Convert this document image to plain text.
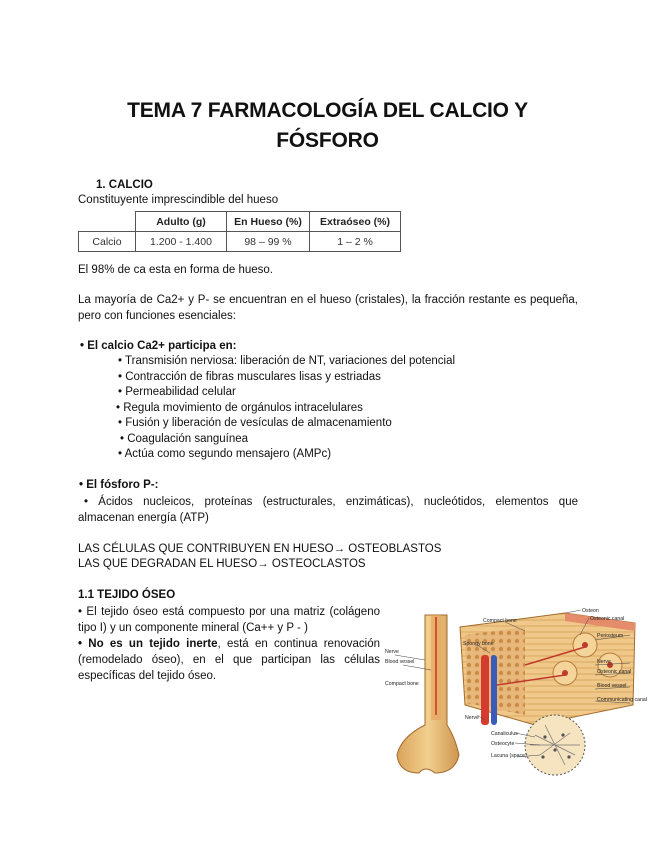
TEMA 7 FARMACOLOGÍA DEL CALCIO Y
FÓSFORO
1. CALCIO
Constituyente imprescindible del hueso
	Adulto (g)	En Hueso (%)	Extraóseo (%)
Calcio	1.200 - 1.400	98 – 99 %	1 – 2 %
El 98% de ca esta en forma de hueso.
La mayoría de Ca2+ y P- se encuentran en el hueso (cristales), la fracción restante es pequeña, pero con funciones esenciales:
• El calcio Ca2+ participa en:
• Transmisión nerviosa: liberación de NT, variaciones del potencial
• Contracción de fibras musculares lisas y estriadas
• Permeabilidad celular
• Regula movimiento de orgánulos intracelulares
• Fusión y liberación de vesículas de almacenamiento
• Coagulación sanguínea
• Actúa como segundo mensajero (AMPc)
• El fósforo P-:
• Ácidos nucleicos, proteínas (estructurales, enzimáticas), nucleótidos, elementos que almacenan energía (ATP)
LAS CÉLULAS QUE CONTRIBUYEN EN HUESO→ OSTEOBLASTOS
LAS QUE DEGRADAN EL HUESO→ OSTEOCLASTOS
1.1 TEJIDO ÓSEO
• El tejido óseo está compuesto por una matriz (colágeno tipo I) y un componente mineral (Ca++ y P - )
• No es un tejido inerte, está en continua renovación (remodelado óseo), en el que participan las células específicas del tejido óseo.
Osteon
Osteonic canal
Compact bone
Spongy bone
Periosteum
Nerve
Blood vessel
Compact bone
Nerve
Osteonic canal
Blood vessel
Communicating canal
Nerve
Canaliculus
Osteocyte
Lacuna (space)
